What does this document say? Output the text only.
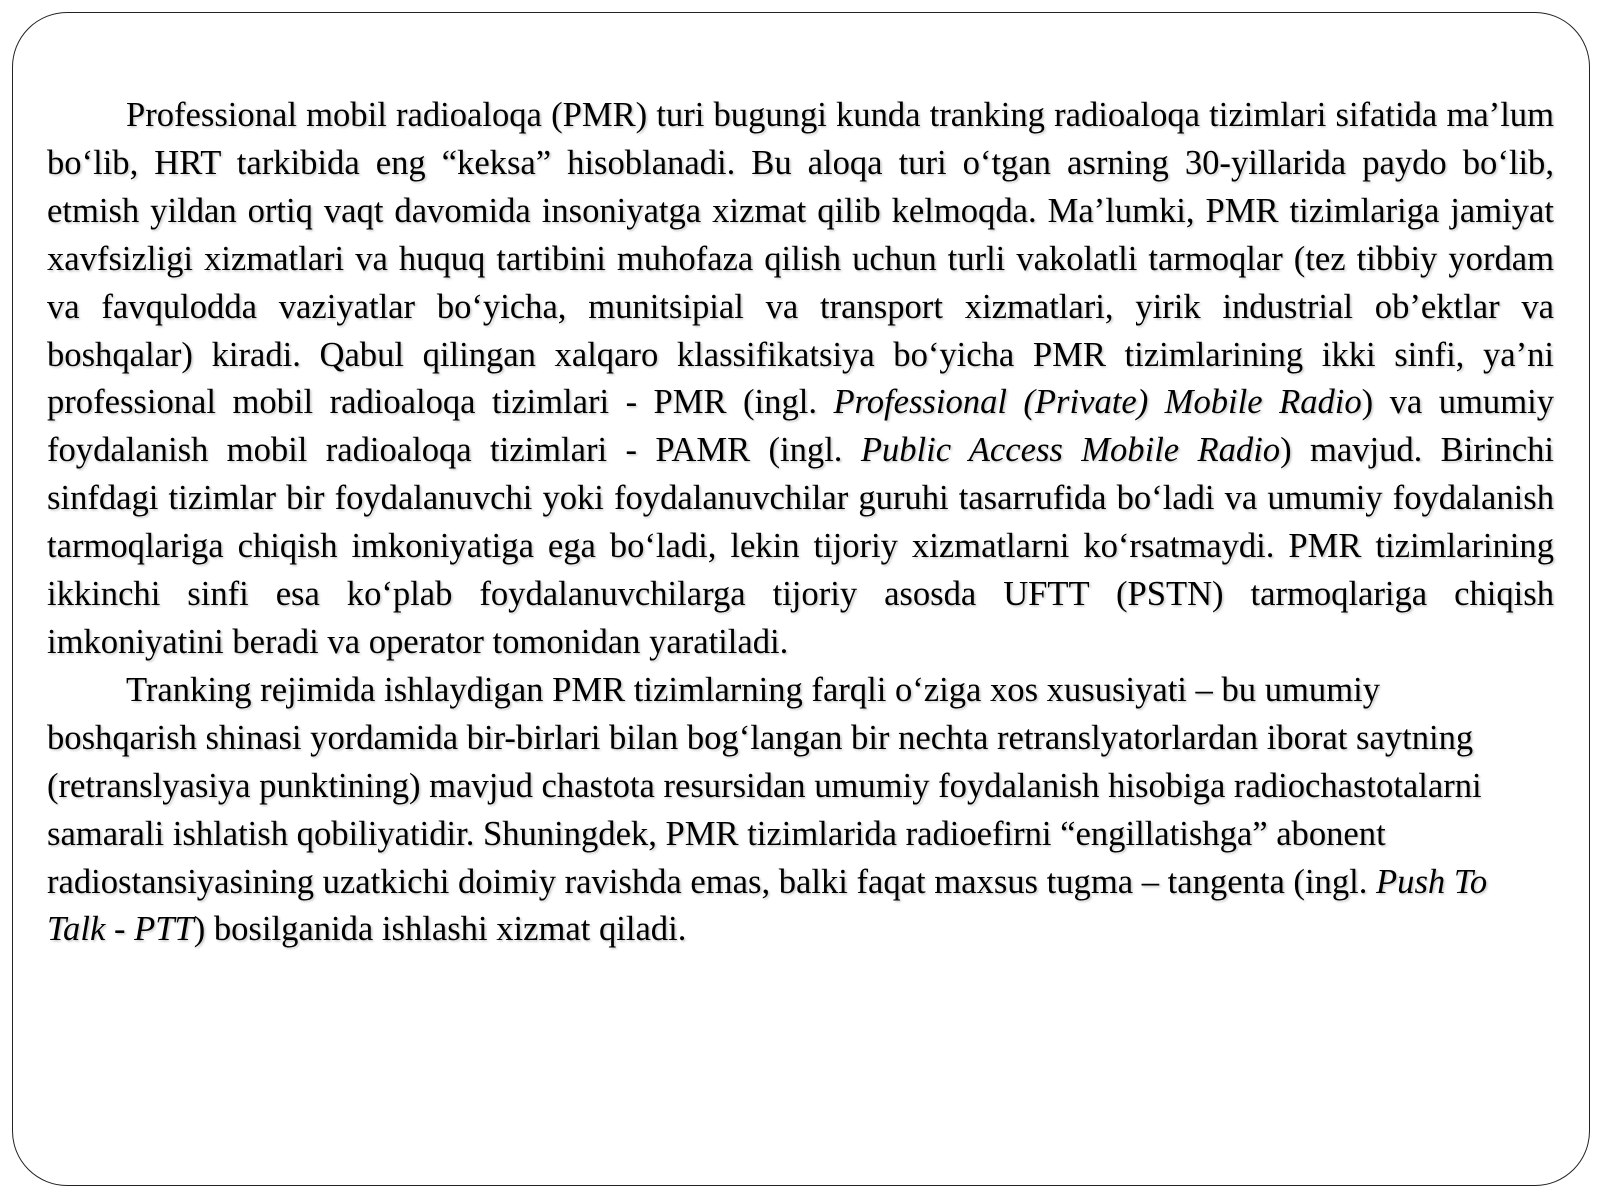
Professional mobil radioaloqa (PMR) turi bugungi kunda tranking radioaloqa tizimlari sifatida ma’lum bo‘lib, HRT tarkibida eng “keksa” hisoblanadi. Bu aloqa turi o‘tgan asrning 30-yillarida paydo bo‘lib, etmish yildan ortiq vaqt davomida insoniyatga xizmat qilib kelmoqda. Ma’lumki, PMR tizimlariga jamiyat xavfsizligi xizmatlari va huquq tartibini muhofaza qilish uchun turli vakolatli tarmoqlar (tez tibbiy yordam va favqulodda vaziyatlar bo‘yicha, munitsipial va transport xizmatlari, yirik industrial ob’ektlar va boshqalar) kiradi. Qabul qilingan xalqaro klassifikatsiya bo‘yicha PMR tizimlarining ikki sinfi, ya’ni professional mobil radioaloqa tizimlari - PMR (ingl. Professional (Private) Mobile Radio) va umumiy foydalanish mobil radioaloqa tizimlari - PAMR (ingl. Public Access Mobile Radio) mavjud. Birinchi sinfdagi tizimlar bir foydalanuvchi yoki foydalanuvchilar guruhi tasarrufida bo‘ladi va umumiy foydalanish tarmoqlariga chiqish imkoniyatiga ega bo‘ladi, lekin tijoriy xizmatlarni ko‘rsatmaydi. PMR tizimlarining ikkinchi sinfi esa ko‘plab foydalanuvchilarga tijoriy asosda UFTT (PSTN) tarmoqlariga chiqish imkoniyatini beradi va operator tomonidan yaratiladi.

Tranking rejimida ishlaydigan PMR tizimlarning farqli o‘ziga xos xususiyati – bu umumiy boshqarish shinasi yordamida bir-birlari bilan bog‘langan bir nechta retranslyatorlardan iborat saytning (retranslyasiya punktining) mavjud chastota resursidan umumiy foydalanish hisobiga radiochastotalarni samarali ishlatish qobiliyatidir. Shuningdek, PMR tizimlarida radioefirni “engillatishga” abonent radiostansiyasining uzatkichi doimiy ravishda emas, balki faqat maxsus tugma – tangenta (ingl. Push To Talk - PTT) bosilganida ishlashi xizmat qiladi.
